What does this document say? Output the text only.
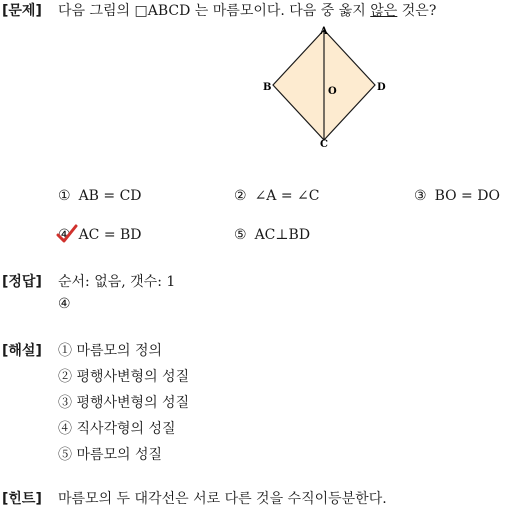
[문제] 다음 그림의 □ABCD 는 마름모이다. 다음 중 옳지 않은 것은?
A
B
C
D
O
① AB = CD	② ∠A = ∠C	③ BO = DO
④ AC = BD	⑤ AC⊥BD
[정답] 순서: 없음, 갯수: 1
④
[해설] ① 마름모의 정의
② 평행사변형의 성질
③ 평행사변형의 성질
④ 직사각형의 성질
⑤ 마름모의 성질
[힌트] 마름모의 두 대각선은 서로 다른 것을 수직이등분한다.
